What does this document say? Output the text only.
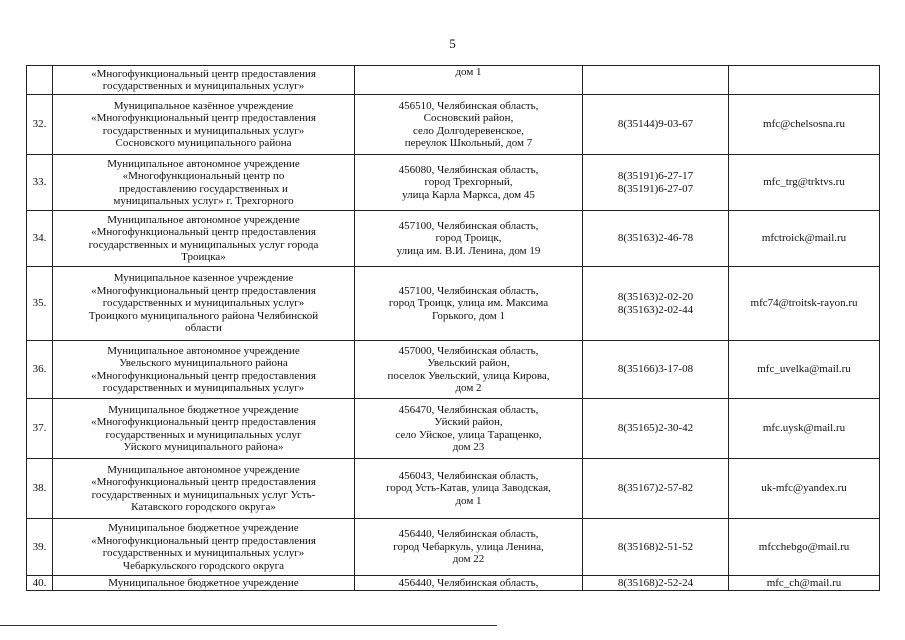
5
	«Многофункциональный центр предоставления
государственных и муниципальных услуг»	дом 1		
32.	Муниципальное казённое учреждение
«Многофункциональный центр предоставления
государственных и муниципальных услуг»
Сосновского муниципального района	456510, Челябинская область,
Сосновский район,
село Долгодеревенское,
переулок Школьный, дом 7	8(35144)9-03-67	mfc@chelsosna.ru
33.	Муниципальное автономное учреждение
«Многофункциональный центр по
предоставлению государственных и
муниципальных услуг» г. Трехгорного	456080, Челябинская область,
город Трехгорный,
улица Карла Маркса, дом 45	8(35191)6-27-17
8(35191)6-27-07	mfc_trg@trktvs.ru
34.	Муниципальное автономное учреждение
«Многофункциональный центр предоставления
государственных и муниципальных услуг города
Троицка»	457100, Челябинская область,
город Троицк,
улица им. В.И. Ленина, дом 19	8(35163)2-46-78	mfctroick@mail.ru
35.	Муниципальное казенное учреждение
«Многофункциональный центр предоставления
государственных и муниципальных услуг»
Троицкого муниципального района Челябинской
области	457100, Челябинская область,
город Троицк, улица им. Максима
Горького, дом 1	8(35163)2-02-20
8(35163)2-02-44	mfc74@troitsk-rayon.ru
36.	Муниципальное автономное учреждение
Увельского муниципального района
«Многофункциональный центр предоставления
государственных и муниципальных услуг»	457000, Челябинская область,
Увельский район,
поселок Увельский, улица Кирова,
дом 2	8(35166)3-17-08	mfc_uvelka@mail.ru
37.	Муниципальное бюджетное учреждение
«Многофункциональный центр предоставления
государственных и муниципальных услуг
Уйского муниципального района»	456470, Челябинская область,
Уйский район,
село Уйское, улица Таращенко,
дом 23	8(35165)2-30-42	mfc.uysk@mail.ru
38.	Муниципальное автономное учреждение
«Многофункциональный центр предоставления
государственных и муниципальных услуг Усть-
Катавского городского округа»	456043, Челябинская область,
город Усть-Катав, улица Заводская,
дом 1	8(35167)2-57-82	uk-mfc@yandex.ru
39.	Муниципальное бюджетное учреждение
«Многофункциональный центр предоставления
государственных и муниципальных услуг»
Чебаркульского городского округа	456440, Челябинская область,
город Чебаркуль, улица Ленина,
дом 22	8(35168)2-51-52	mfcchebgo@mail.ru
40.	Муниципальное бюджетное учреждение	456440, Челябинская область,	8(35168)2-52-24	mfc_ch@mail.ru
